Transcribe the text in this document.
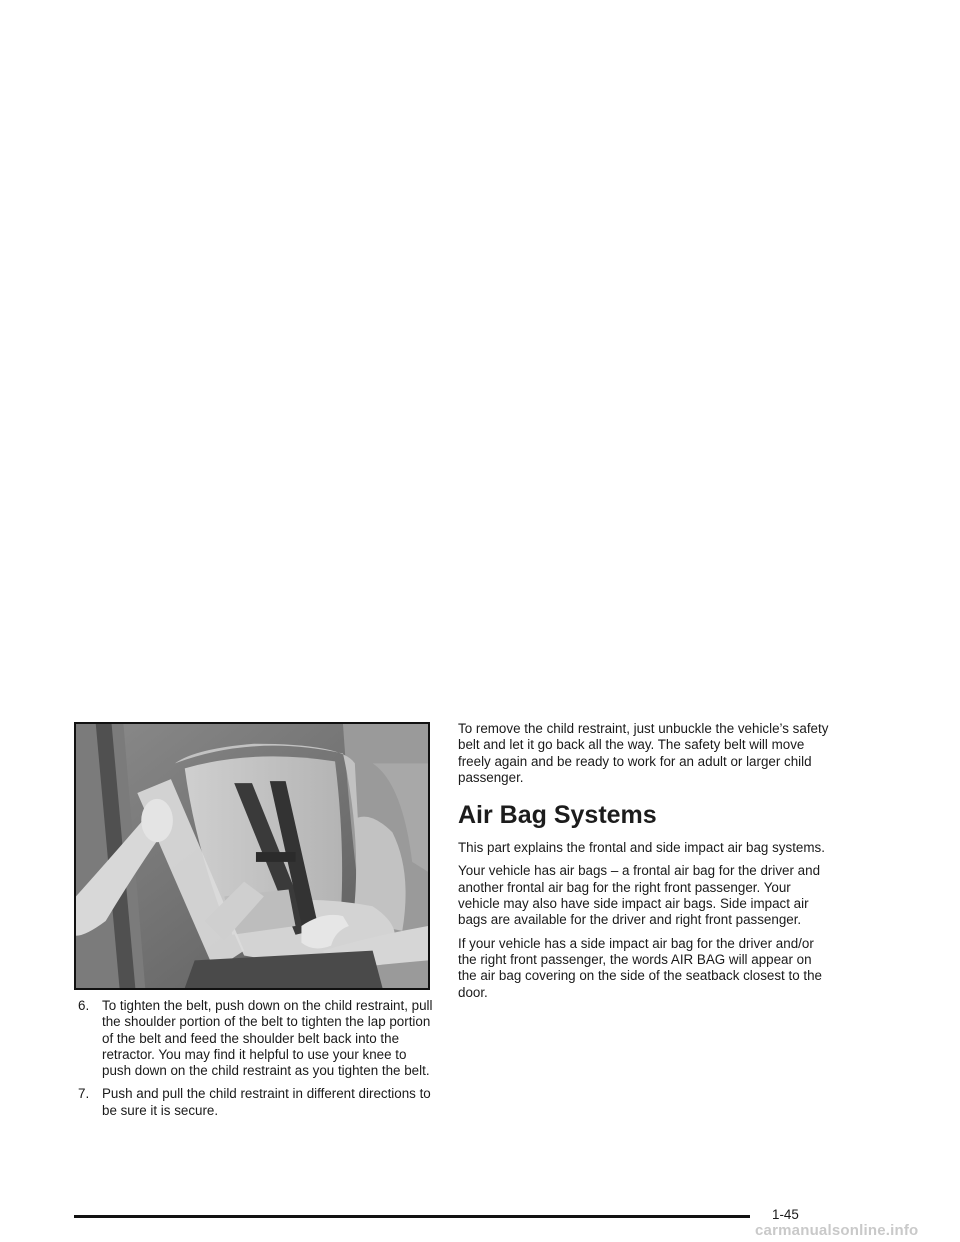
6. To tighten the belt, push down on the child restraint, pull the shoulder portion of the belt to tighten the lap portion of the belt and feed the shoulder belt back into the retractor. You may find it helpful to use your knee to push down on the child restraint as you tighten the belt.
7. Push and pull the child restraint in different directions to be sure it is secure.

To remove the child restraint, just unbuckle the vehicle’s safety belt and let it go back all the way. The safety belt will move freely again and be ready to work for an adult or larger child passenger.

Air Bag Systems

This part explains the frontal and side impact air bag systems.

Your vehicle has air bags – a frontal air bag for the driver and another frontal air bag for the right front passenger. Your vehicle may also have side impact air bags. Side impact air bags are available for the driver and right front passenger.

If your vehicle has a side impact air bag for the driver and/or the right front passenger, the words AIR BAG will appear on the air bag covering on the side of the seatback closest to the door.

1-45
carmanualsonline.info
